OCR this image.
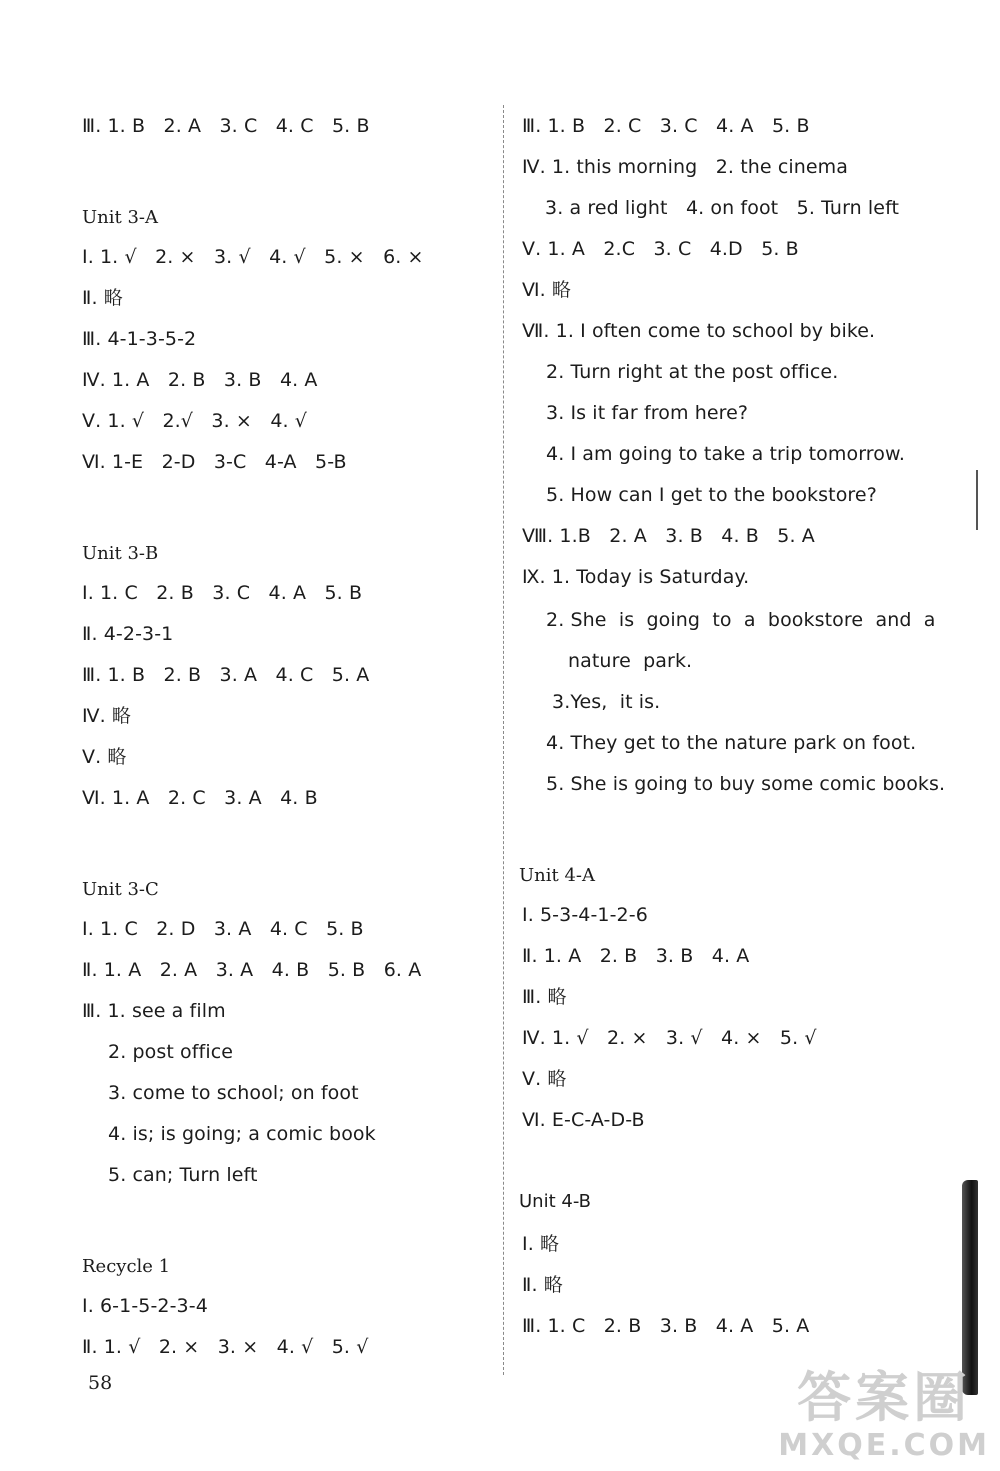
Ⅲ. 1. B   2. A   3. C   4. C   5. B
Unit 3-A
Ⅰ. 1. √   2. ×   3. √   4. √   5. ×   6. ×
Ⅱ. 略
Ⅲ. 4-1-3-5-2
Ⅳ. 1. A   2. B   3. B   4. A
Ⅴ. 1. √   2.√   3. ×   4. √
Ⅵ. 1-E   2-D   3-C   4-A   5-B
Unit 3-B
Ⅰ. 1. C   2. B   3. C   4. A   5. B
Ⅱ. 4-2-3-1
Ⅲ. 1. B   2. B   3. A   4. C   5. A
Ⅳ. 略
Ⅴ. 略
Ⅵ. 1. A   2. C   3. A   4. B
Unit 3-C
Ⅰ. 1. C   2. D   3. A   4. C   5. B
Ⅱ. 1. A   2. A   3. A   4. B   5. B   6. A
Ⅲ. 1. see a film
2. post office
3. come to school; on foot
4. is; is going; a comic book
5. can; Turn left
Recycle 1
Ⅰ. 6-1-5-2-3-4
Ⅱ. 1. √   2. ×   3. ×   4. √   5. √
58
Ⅲ. 1. B   2. C   3. C   4. A   5. B
Ⅳ. 1. this morning   2. the cinema
3. a red light   4. on foot   5. Turn left
Ⅴ. 1. A   2.C   3. C   4.D   5. B
Ⅵ. 略
Ⅶ. 1. I often come to school by bike.
2. Turn right at the post office.
3. Is it far from here?
4. I am going to take a trip tomorrow.
5. How can I get to the bookstore?
Ⅷ. 1.B   2. A   3. B   4. B   5. A
Ⅸ. 1. Today is Saturday.
2. She  is  going  to  a  bookstore  and  a
nature  park.
3.Yes,  it is.
4. They get to the nature park on foot.
5. She is going to buy some comic books.
Unit 4-A
Ⅰ. 5-3-4-1-2-6
Ⅱ. 1. A   2. B   3. B   4. A
Ⅲ. 略
Ⅳ. 1. √   2. ×   3. √   4. ×   5. √
Ⅴ. 略
Ⅵ. E-C-A-D-B
Unit 4-B
Ⅰ. 略
Ⅱ. 略
Ⅲ. 1. C   2. B   3. B   4. A   5. A
答案圈
MXQE.COM
